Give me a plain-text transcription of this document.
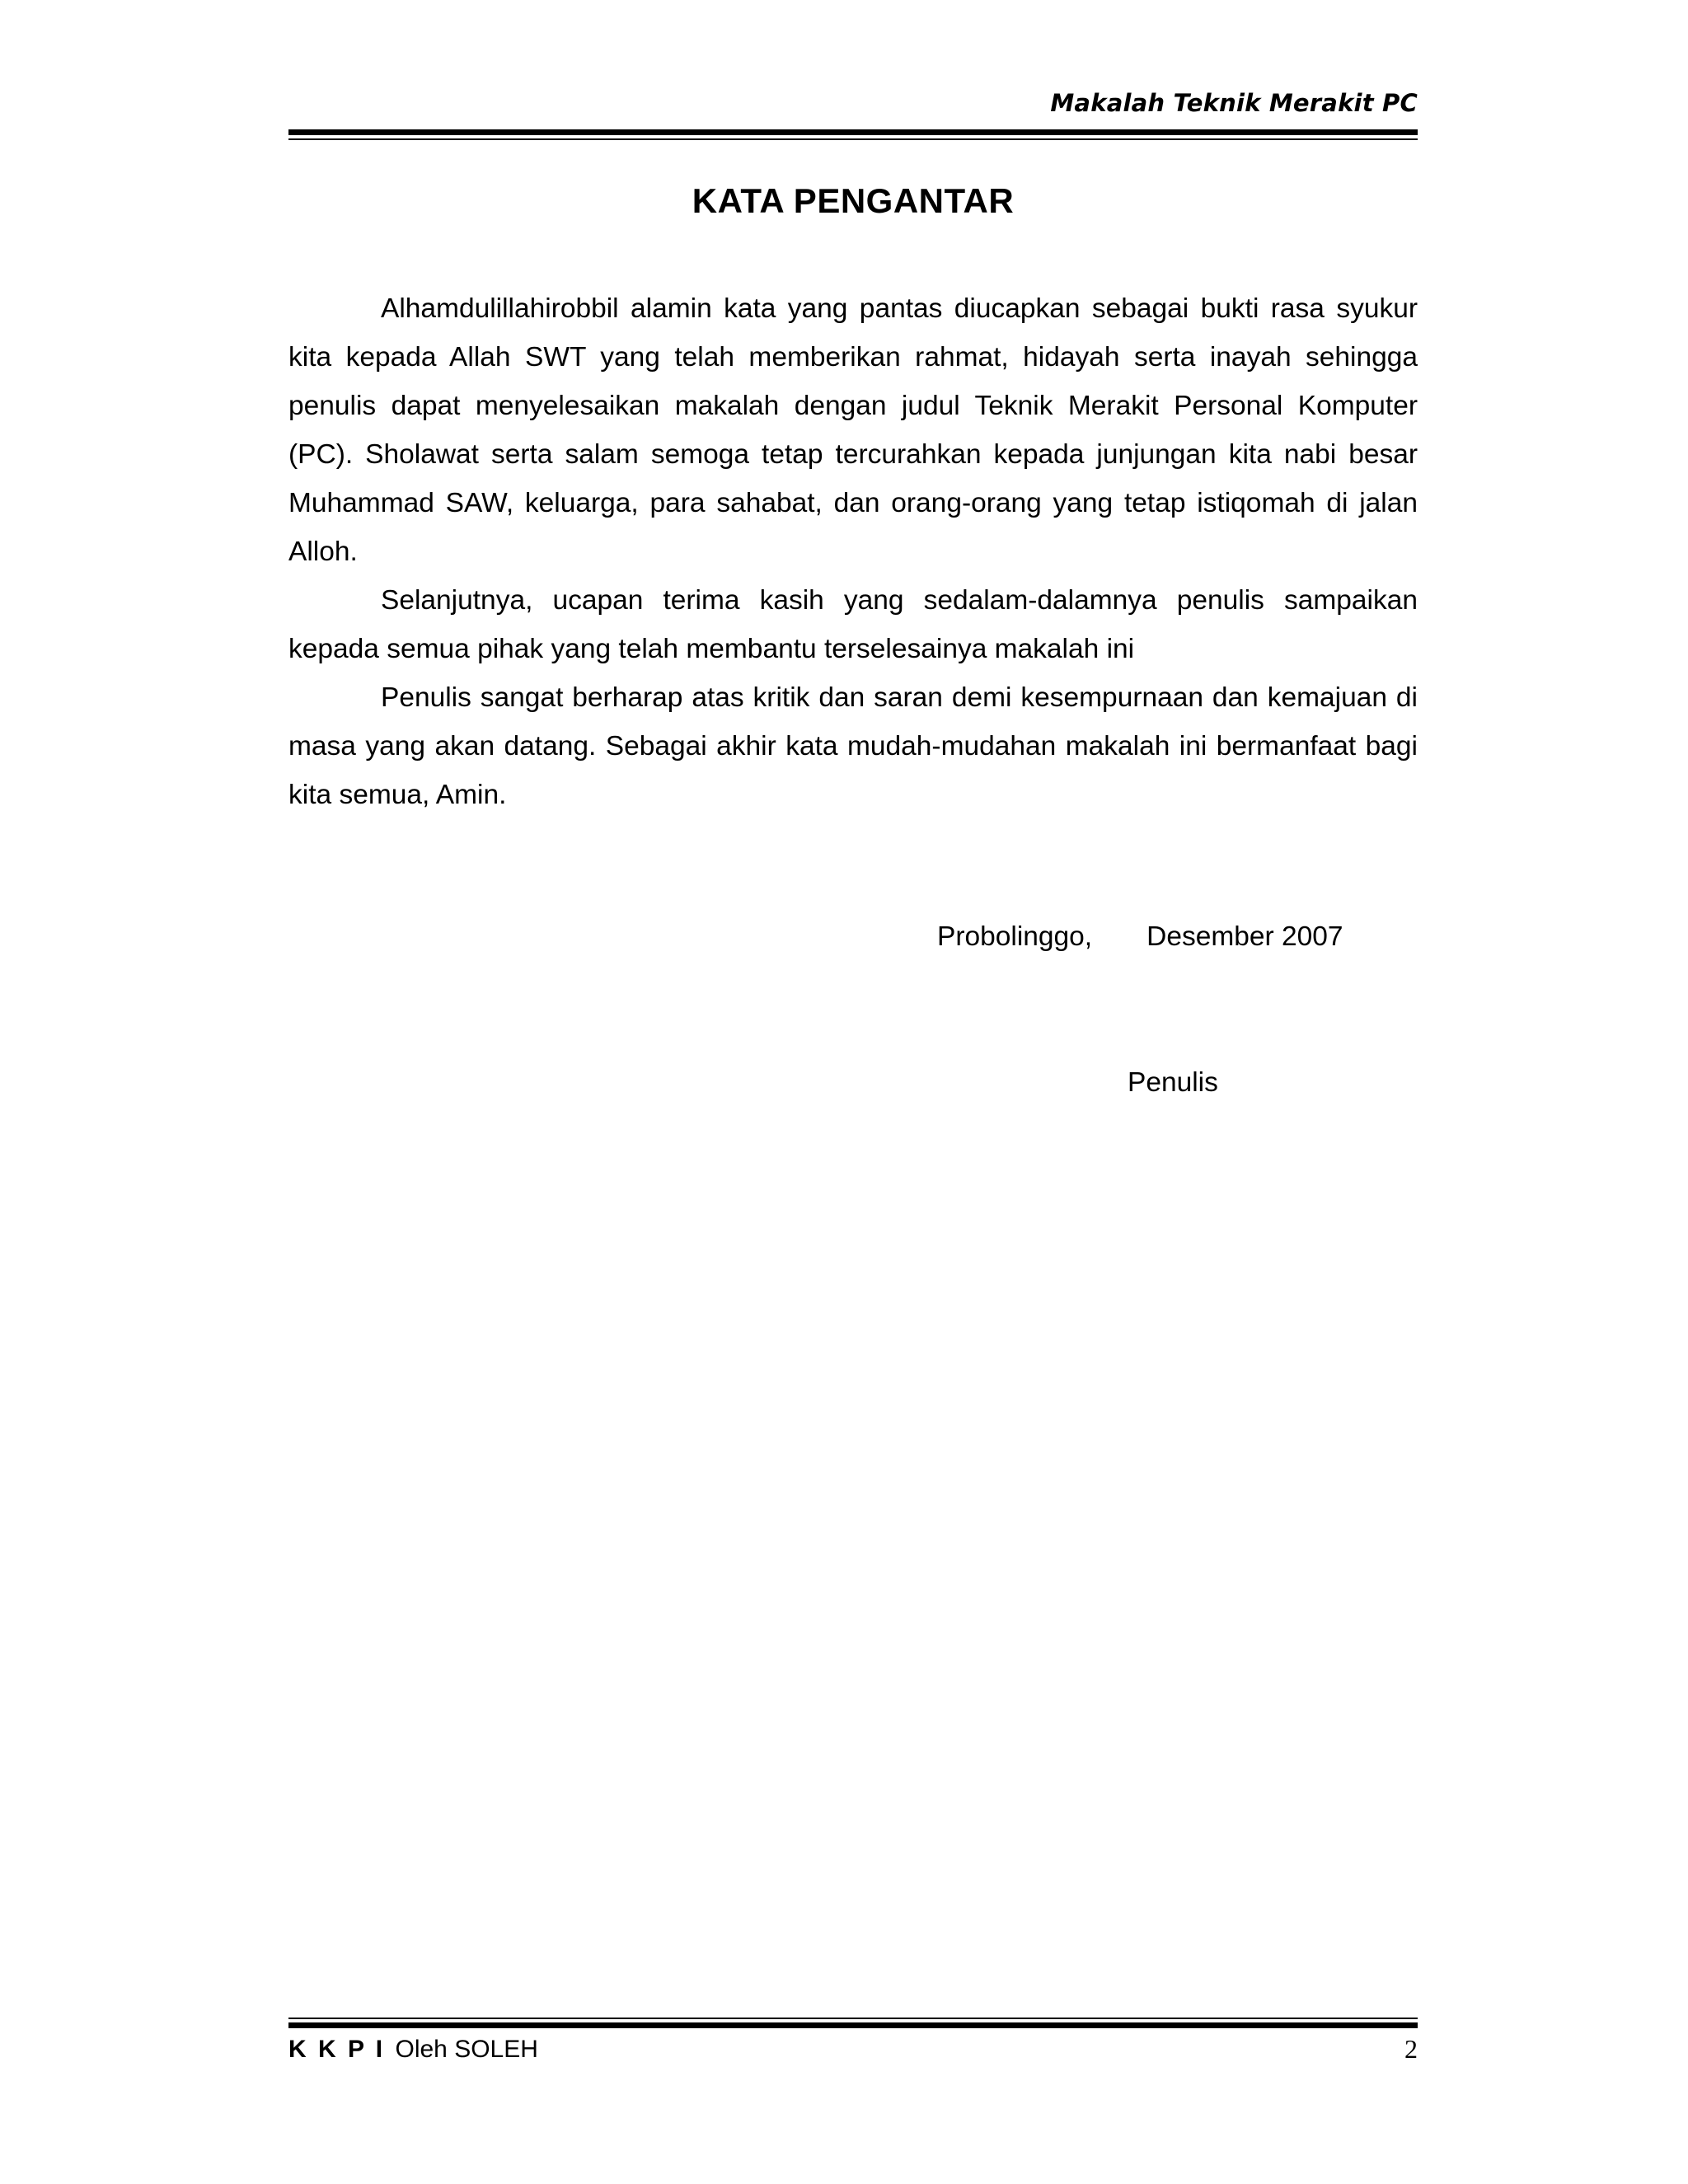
Makalah Teknik Merakit PC
KATA PENGANTAR

Alhamdulillahirobbil alamin kata yang pantas diucapkan sebagai bukti rasa syukur kita kepada Allah SWT yang telah memberikan rahmat, hidayah serta inayah sehingga penulis dapat menyelesaikan makalah dengan judul Teknik Merakit Personal Komputer (PC). Sholawat serta salam semoga tetap tercurahkan kepada junjungan kita nabi besar Muhammad SAW, keluarga, para sahabat, dan orang-orang yang tetap istiqomah di jalan Alloh.

Selanjutnya, ucapan terima kasih yang sedalam-dalamnya penulis sampaikan kepada semua pihak yang telah membantu terselesainya makalah ini

Penulis sangat berharap atas kritik dan saran demi kesempurnaan dan kemajuan di masa yang akan datang. Sebagai akhir kata mudah-mudahan makalah ini bermanfaat bagi kita semua, Amin.

Probolinggo, Desember 2007
Penulis
K K P I Oleh SOLEH	2
